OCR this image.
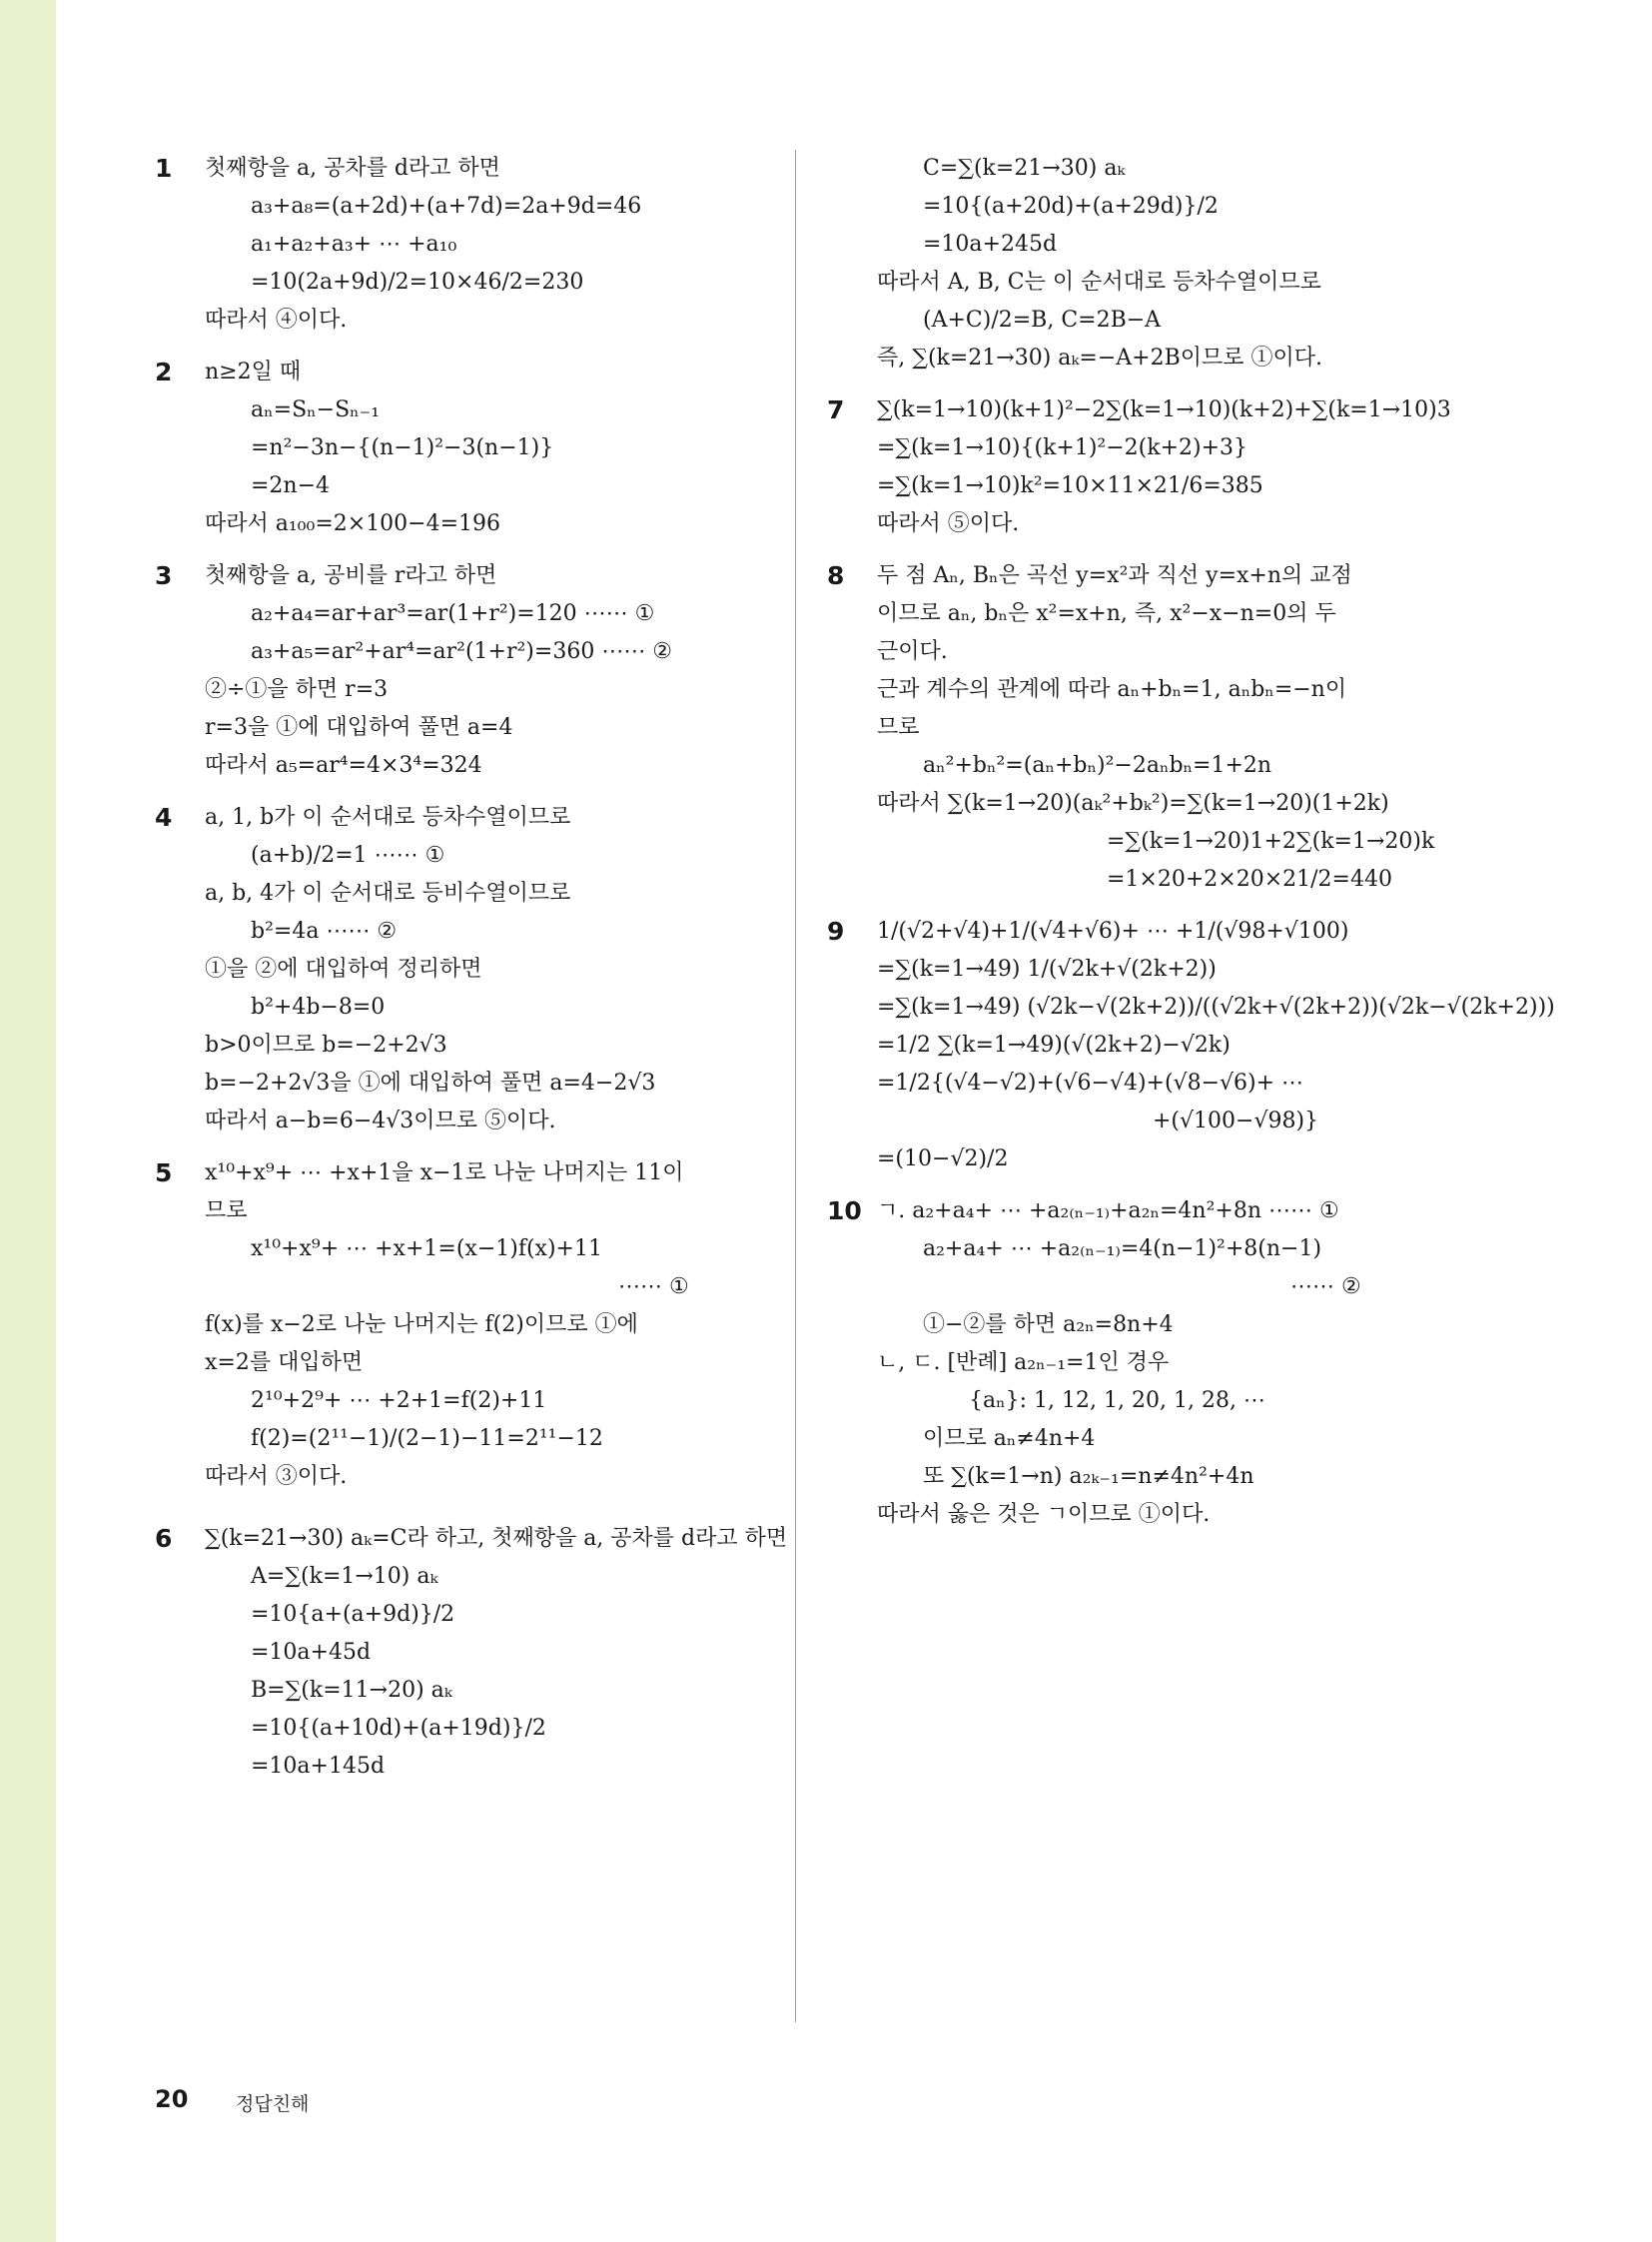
1 첫째항을 a, 공차를 d라고 하면
a₃+a₈=(a+2d)+(a+7d)=2a+9d=46
a₁+a₂+a₃+ ⋯ +a₁₀
=10(2a+9d)/2=10×46/2=230
따라서 ④이다.
2 n≥2일 때
aₙ=Sₙ−Sₙ₋₁
=n²−3n−{(n−1)²−3(n−1)}
=2n−4
따라서 a₁₀₀=2×100−4=196
3 첫째항을 a, 공비를 r라고 하면
a₂+a₄=ar+ar³=ar(1+r²)=120 ⋯⋯ ①
a₃+a₅=ar²+ar⁴=ar²(1+r²)=360 ⋯⋯ ②
②÷①을 하면 r=3
r=3을 ①에 대입하여 풀면 a=4
따라서 a₅=ar⁴=4×3⁴=324
4 a, 1, b가 이 순서대로 등차수열이므로
(a+b)/2=1 ⋯⋯ ①
a, b, 4가 이 순서대로 등비수열이므로
b²=4a ⋯⋯ ②
①을 ②에 대입하여 정리하면
b²+4b−8=0
b>0이므로 b=−2+2√3
b=−2+2√3을 ①에 대입하여 풀면 a=4−2√3
따라서 a−b=6−4√3이므로 ⑤이다.
5 x¹⁰+x⁹+ ⋯ +x+1을 x−1로 나눈 나머지는 11이
므로
x¹⁰+x⁹+ ⋯ +x+1=(x−1)f(x)+11
⋯⋯ ①
f(x)를 x−2로 나눈 나머지는 f(2)이므로 ①에
x=2를 대입하면
2¹⁰+2⁹+ ⋯ +2+1=f(2)+11
f(2)=(2¹¹−1)/(2−1)−11=2¹¹−12
따라서 ③이다.
6 ∑(k=21→30) aₖ=C라 하고, 첫째항을 a, 공차를 d라고 하면
A=∑(k=1→10) aₖ
=10{a+(a+9d)}/2
=10a+45d
B=∑(k=11→20) aₖ
=10{(a+10d)+(a+19d)}/2
=10a+145d
C=∑(k=21→30) aₖ
=10{(a+20d)+(a+29d)}/2
=10a+245d
따라서 A, B, C는 이 순서대로 등차수열이므로
(A+C)/2=B, C=2B−A
즉, ∑(k=21→30) aₖ=−A+2B이므로 ①이다.
7 ∑(k=1→10)(k+1)²−2∑(k=1→10)(k+2)+∑(k=1→10)3
=∑(k=1→10){(k+1)²−2(k+2)+3}
=∑(k=1→10)k²=10×11×21/6=385
따라서 ⑤이다.
8 두 점 Aₙ, Bₙ은 곡선 y=x²과 직선 y=x+n의 교점
이므로 aₙ, bₙ은 x²=x+n, 즉, x²−x−n=0의 두
근이다.
근과 계수의 관계에 따라 aₙ+bₙ=1, aₙbₙ=−n이
므로
aₙ²+bₙ²=(aₙ+bₙ)²−2aₙbₙ=1+2n
따라서 ∑(k=1→20)(aₖ²+bₖ²)=∑(k=1→20)(1+2k)
=∑(k=1→20)1+2∑(k=1→20)k
=1×20+2×20×21/2=440
9 1/(√2+√4)+1/(√4+√6)+ ⋯ +1/(√98+√100)
=∑(k=1→49) 1/(√2k+√(2k+2))
=∑(k=1→49) (√2k−√(2k+2))/((√2k+√(2k+2))(√2k−√(2k+2)))
=1/2 ∑(k=1→49)(√(2k+2)−√2k)
=1/2{(√4−√2)+(√6−√4)+(√8−√6)+ ⋯
+(√100−√98)}
=(10−√2)/2
10 ㄱ. a₂+a₄+ ⋯ +a₂₍ₙ₋₁₎+a₂ₙ=4n²+8n ⋯⋯ ①
a₂+a₄+ ⋯ +a₂₍ₙ₋₁₎=4(n−1)²+8(n−1)
⋯⋯ ②
①−②를 하면 a₂ₙ=8n+4
ㄴ, ㄷ. [반례] a₂ₙ₋₁=1인 경우
{aₙ}: 1, 12, 1, 20, 1, 28, ⋯
이므로 aₙ≠4n+4
또 ∑(k=1→n) a₂ₖ₋₁=n≠4n²+4n
따라서 옳은 것은 ㄱ이므로 ①이다.
20	정답친해
